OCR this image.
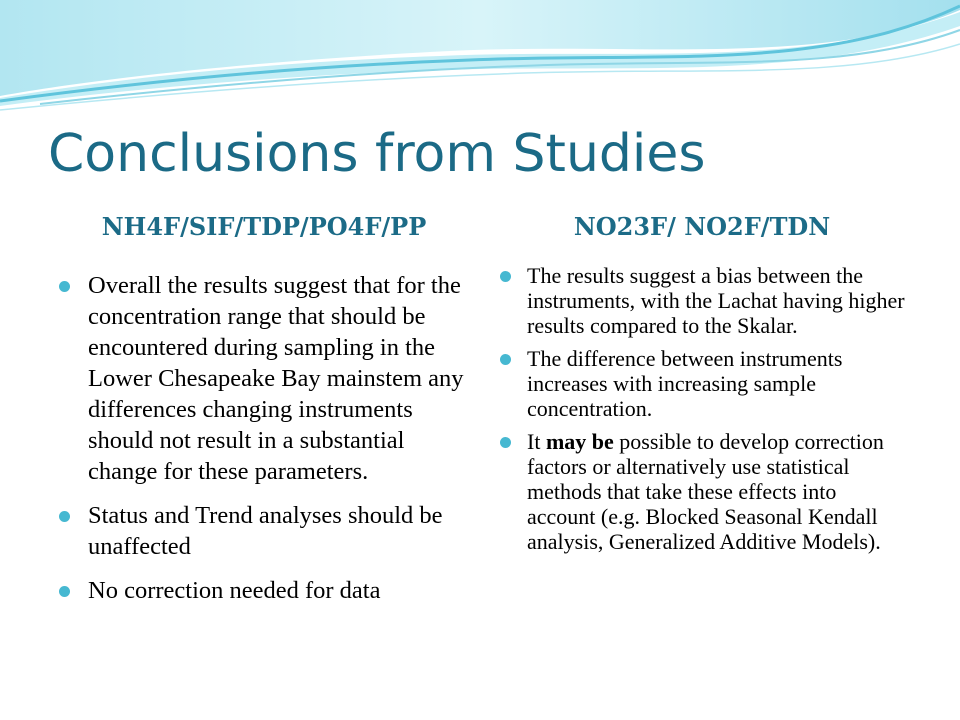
Conclusions from Studies
NH4F/SIF/TDP/PO4F/PP
Overall the results suggest that for the concentration range that should be encountered during sampling in the Lower Chesapeake Bay mainstem any differences changing instruments should not result in a substantial change for these parameters.
Status and Trend analyses should be unaffected
No correction needed for data
NO23F/ NO2F/TDN
The results suggest a bias between the instruments, with the Lachat having higher results compared to the Skalar.
The difference between instruments increases with increasing sample concentration.
It may be possible to develop correction factors or alternatively use statistical methods that take these effects into account (e.g. Blocked Seasonal Kendall analysis, Generalized Additive Models).
